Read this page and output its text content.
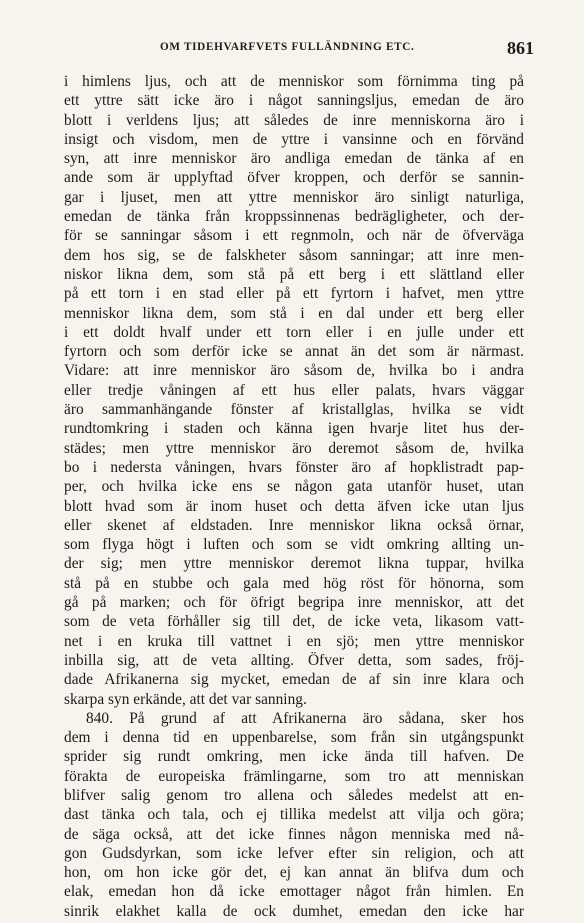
OM TIDEHVARFVETS FULLÄNDNING ETC.	861
i himlens ljus, och att de menniskor som förnimma ting på
ett yttre sätt icke äro i något sanningsljus, emedan de äro
blott i verldens ljus; att således de inre menniskorna äro i
insigt och visdom, men de yttre i vansinne och en förvänd
syn, att inre menniskor äro andliga emedan de tänka af en
ande som är upplyftad öfver kroppen, och derför se sannin-
gar i ljuset, men att yttre menniskor äro sinligt naturliga,
emedan de tänka från kroppssinnenas bedrägligheter, och der-
för se sanningar såsom i ett regnmoln, och när de öfverväga
dem hos sig, se de falskheter såsom sanningar; att inre men-
niskor likna dem, som stå på ett berg i ett slättland eller
på ett torn i en stad eller på ett fyrtorn i hafvet, men yttre
menniskor likna dem, som stå i en dal under ett berg eller
i ett doldt hvalf under ett torn eller i en julle under ett
fyrtorn och som derför icke se annat än det som är närmast.
Vidare: att inre menniskor äro såsom de, hvilka bo i andra
eller tredje våningen af ett hus eller palats, hvars väggar
äro sammanhängande fönster af kristallglas, hvilka se vidt
rundtomkring i staden och känna igen hvarje litet hus der-
städes; men yttre menniskor äro deremot såsom de, hvilka
bo i nedersta våningen, hvars fönster äro af hopklistradt pap-
per, och hvilka icke ens se någon gata utanför huset, utan
blott hvad som är inom huset och detta äfven icke utan ljus
eller skenet af eldstaden. Inre menniskor likna också örnar,
som flyga högt i luften och som se vidt omkring allting un-
der sig; men yttre menniskor deremot likna tuppar, hvilka
stå på en stubbe och gala med hög röst för hönorna, som
gå på marken; och för öfrigt begripa inre menniskor, att det
som de veta förhåller sig till det, de icke veta, likasom vatt-
net i en kruka till vattnet i en sjö; men yttre menniskor
inbilla sig, att de veta allting. Öfver detta, som sades, fröj-
dade Afrikanerna sig mycket, emedan de af sin inre klara och
skarpa syn erkände, att det var sanning.
840. På grund af att Afrikanerna äro sådana, sker hos
dem i denna tid en uppenbarelse, som från sin utgångspunkt
sprider sig rundt omkring, men icke ända till hafven. De
förakta de europeiska främlingarne, som tro att menniskan
blifver salig genom tro allena och således medelst att en-
dast tänka och tala, och ej tillika medelst att vilja och göra;
de säga också, att det icke finnes någon menniska med nå-
gon Gudsdyrkan, som icke lefver efter sin religion, och att
hon, om hon icke gör det, ej kan annat än blifva dum och
elak, emedan hon då icke emottager något från himlen. En
sinrik elakhet kalla de ock dumhet, emedan den icke har
